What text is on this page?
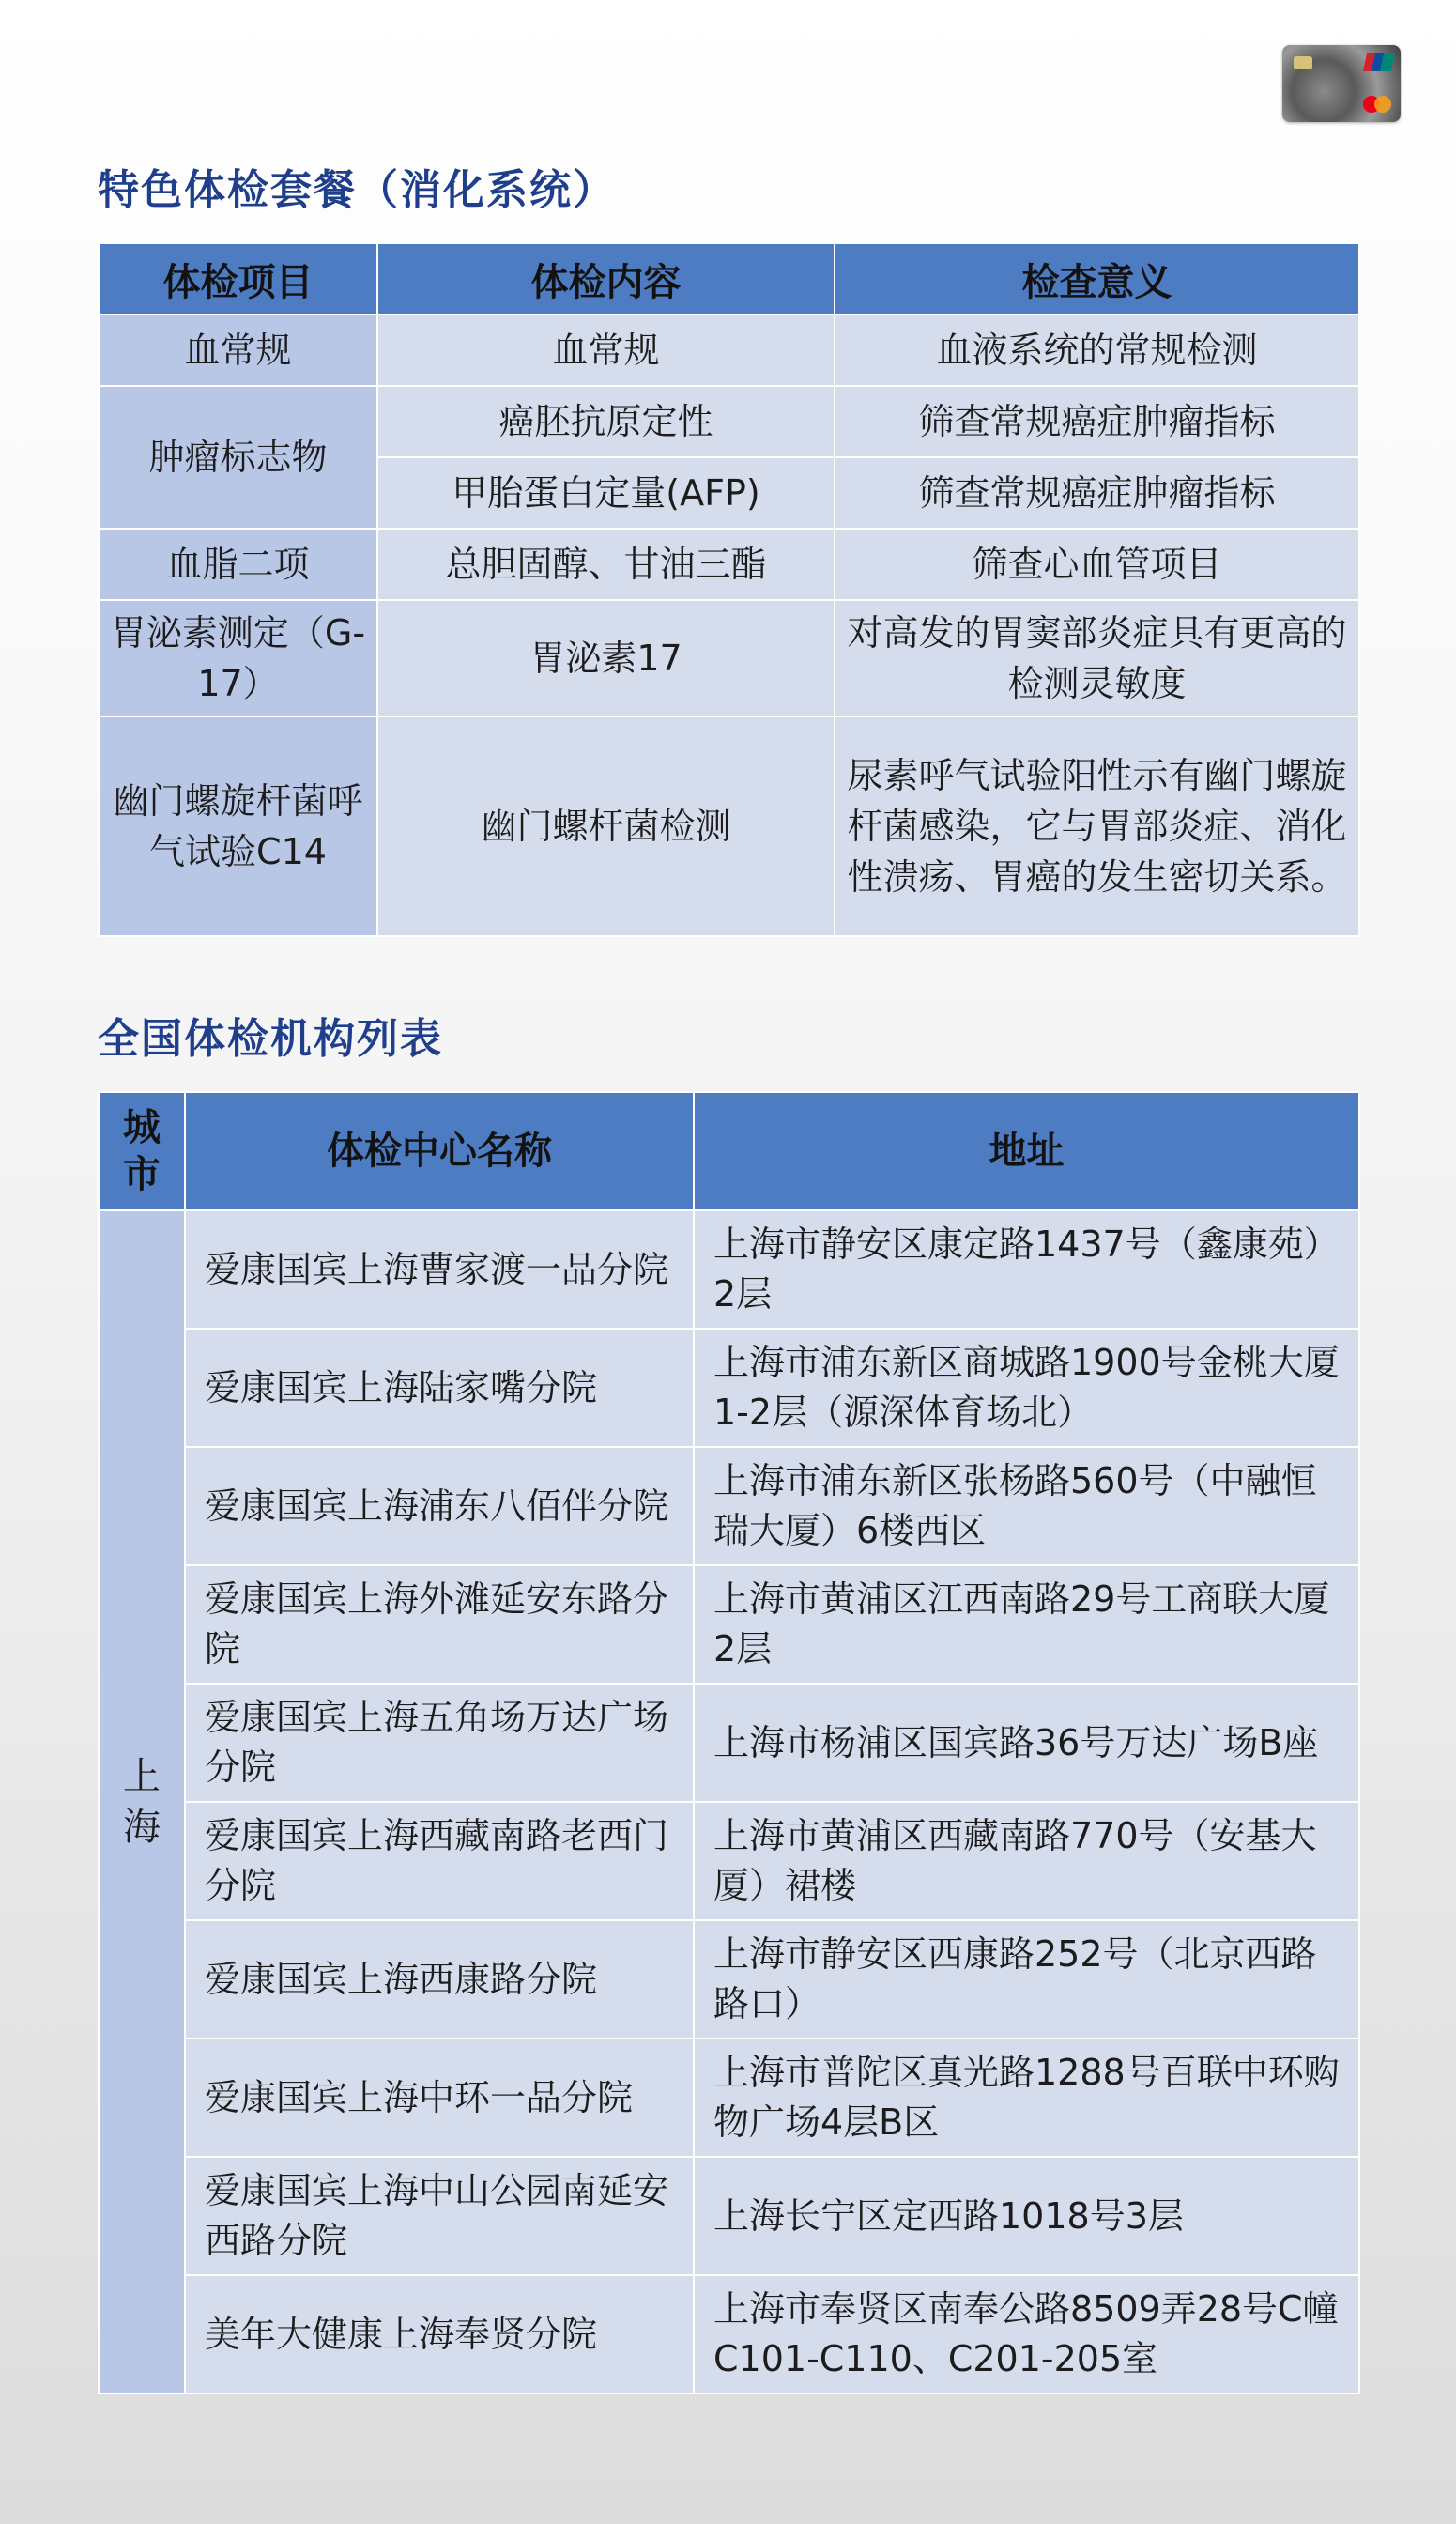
特色体检套餐（消化系统）
体检项目	体检内容	检查意义
血常规	血常规	血液系统的常规检测
肿瘤标志物	癌胚抗原定性	筛查常规癌症肿瘤指标
	甲胎蛋白定量(AFP)	筛查常规癌症肿瘤指标
血脂二项	总胆固醇、甘油三酯	筛查心血管项目
胃泌素测定（G-17）	胃泌素17	对高发的胃窦部炎症具有更高的检测灵敏度
幽门螺旋杆菌呼气试验C14	幽门螺杆菌检测	尿素呼气试验阳性示有幽门螺旋杆菌感染，它与胃部炎症、消化性溃疡、胃癌的发生密切关系。
全国体检机构列表
城市	体检中心名称	地址
上海	爱康国宾上海曹家渡一品分院	上海市静安区康定路1437号（鑫康苑）2层
	爱康国宾上海陆家嘴分院	上海市浦东新区商城路1900号金桃大厦1-2层（源深体育场北）
	爱康国宾上海浦东八佰伴分院	上海市浦东新区张杨路560号（中融恒瑞大厦）6楼西区
	爱康国宾上海外滩延安东路分院	上海市黄浦区江西南路29号工商联大厦2层
	爱康国宾上海五角场万达广场分院	上海市杨浦区国宾路36号万达广场B座
	爱康国宾上海西藏南路老西门分院	上海市黄浦区西藏南路770号（安基大厦）裙楼
	爱康国宾上海西康路分院	上海市静安区西康路252号（北京西路路口）
	爱康国宾上海中环一品分院	上海市普陀区真光路1288号百联中环购物广场4层B区
	爱康国宾上海中山公园南延安西路分院	上海长宁区定西路1018号3层
	美年大健康上海奉贤分院	上海市奉贤区南奉公路8509弄28号C幢C101-C110、C201-205室
